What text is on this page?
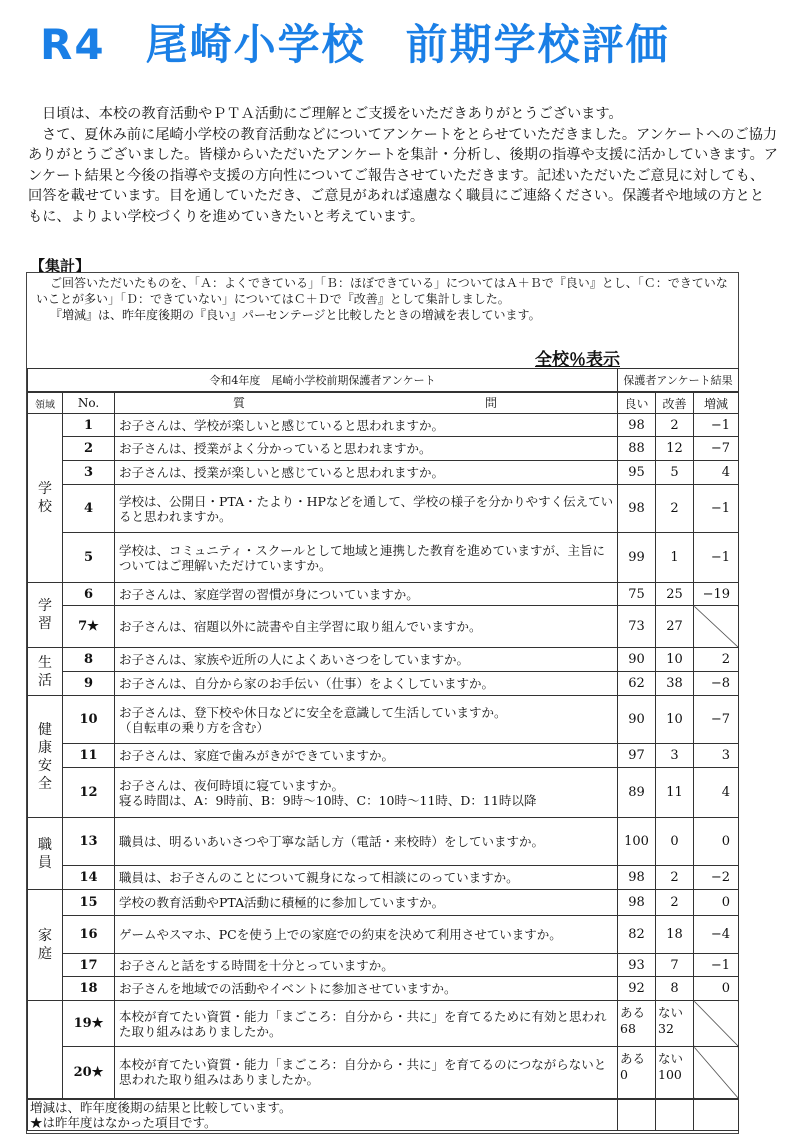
R4 尾崎小学校 前期学校評価

日頃は、本校の教育活動やＰＴＡ活動にご理解とご支援をいただきありがとうございます。

さて、夏休み前に尾崎小学校の教育活動などについてアンケートをとらせていただきました。アンケートへのご協力ありがとうございました。皆様からいただいたアンケートを集計・分析し、後期の指導や支援に活かしていきます。アンケート結果と今後の指導や支援の方向性についてご報告させていただきます。記述いただいたご意見に対しても、回答を載せています。目を通していただき、ご意見があれば遠慮なく職員にご連絡ください。保護者や地域の方とともに、よりよい学校づくりを進めていきたいと考えています。

【集計】

ご回答いただいたものを、「Ａ：よくできている」「Ｂ：ほぼできている」についてはＡ＋Ｂで『良い』とし、「Ｃ：できていないことが多い」「Ｄ：できていない」についてはＣ＋Ｄで『改善』として集計しました。

『増減』は、昨年度後期の『良い』パーセンテージと比較したときの増減を表しています。

全校％表示
令和4年度　尾崎小学校前期保護者アンケート			保護者アンケート結果		
領域	No.	質　　　　　　　　　　　　　問	良い	改善	増減
学
校	1	お子さんは、学校が楽しいと感じていると思われますか。	98	2	−1
	2	お子さんは、授業がよく分かっていると思われますか。	88	12	−7
	3	お子さんは、授業が楽しいと感じていると思われますか。	95	5	4
	4	学校は、公開日・PTA・たより・HPなどを通して、学校の様子を分かりやすく伝えていると思われますか。	98	2	−1
	5	学校は、コミュニティ・スクールとして地域と連携した教育を進めていますが、主旨についてはご理解いただけていますか。	99	1	−1
学
習	6	お子さんは、家庭学習の習慣が身についていますか。	75	25	−19
	7★	お子さんは、宿題以外に読書や自主学習に取り組んでいますか。	73	27	
生
活	8	お子さんは、家族や近所の人によくあいさつをしていますか。	90	10	2
	9	お子さんは、自分から家のお手伝い（仕事）をよくしていますか。	62	38	−8
健
康
安
全	10	お子さんは、登下校や休日などに安全を意識して生活していますか。
（自転車の乗り方を含む）	90	10	−7
	11	お子さんは、家庭で歯みがきができていますか。	97	3	3
	12	お子さんは、夜何時頃に寝ていますか。
寝る時間は、A：9時前、B：9時〜10時、C：10時〜11時、D：11時以降	89	11	4
職
員	13	職員は、明るいあいさつや丁寧な話し方（電話・来校時）をしていますか。	100	0	0
	14	職員は、お子さんのことについて親身になって相談にのっていますか。	98	2	−2
家
庭	15	学校の教育活動やPTA活動に積極的に参加していますか。	98	2	0
	16	ゲームやスマホ、PCを使う上での家庭での約束を決めて利用させていますか。	82	18	−4
	17	お子さんと話をする時間を十分とっていますか。	93	7	−1
	18	お子さんを地域での活動やイベントに参加させていますか。	92	8	0
	19★	本校が育てたい資質・能力「まごころ：自分から・共に」を育てるために有効と思われた取り組みはありましたか。	ある
68	ない
32	
	20★	本校が育てたい資質・能力「まごころ：自分から・共に」を育てるのにつながらないと思われた取り組みはありましたか。	ある
0	ない
100	

増減は、昨年度後期の結果と比較しています。
★は昨年度はなかった項目です。					
